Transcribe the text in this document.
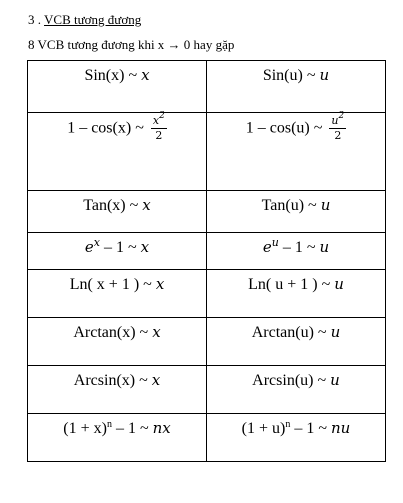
3 . VCB tương đương
8 VCB tương đương khi x → 0 hay gặp
Sin(x) ~ x	Sin(u) ~ u

1 – cos(x) ~ $\frac{x^2}{2}$	1 – cos(u) ~ $\frac{u^2}{2}$

Tan(x) ~ x	Tan(u) ~ u

$e^x - 1$ ~ x	$e^u - 1$ ~ u

Ln( x + 1 ) ~ x	Ln( u + 1 ) ~ u

Arctan(x) ~ x	Arctan(u) ~ u

Arcsin(x) ~ x	Arcsin(u) ~ u

$(1 + x)^n - 1$ ~ nx	$(1 + u)^n - 1$ ~ nu
